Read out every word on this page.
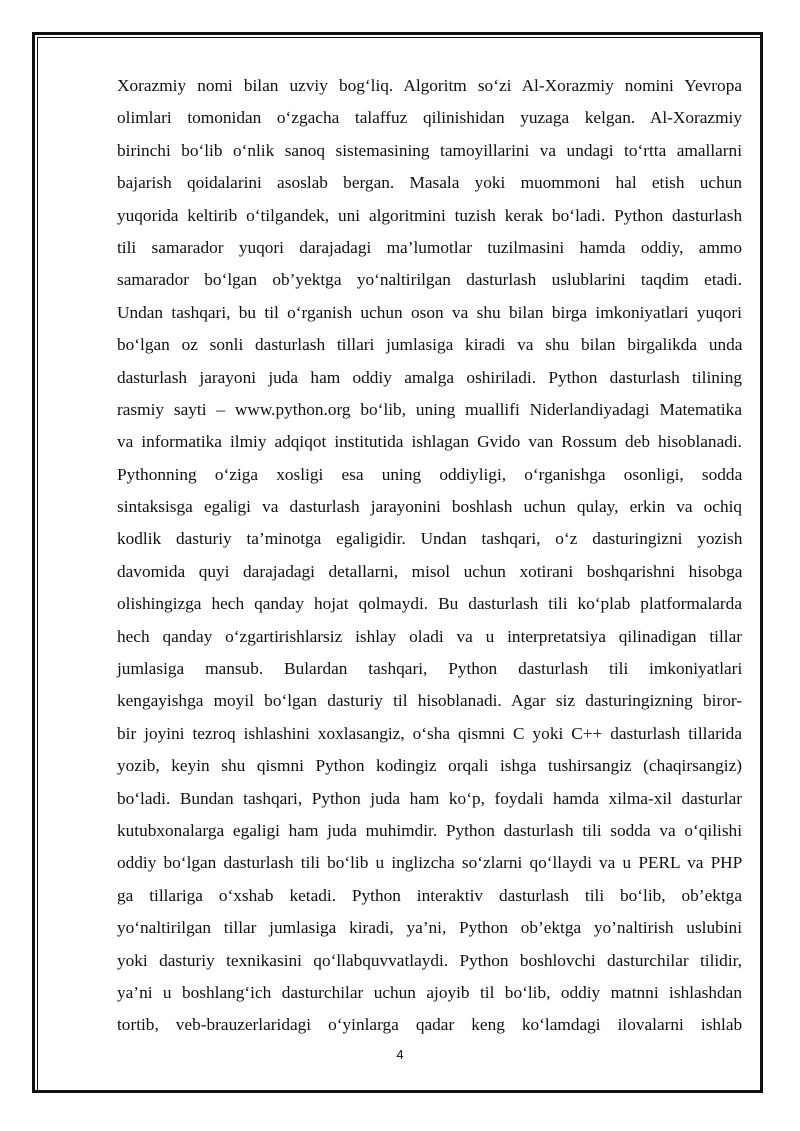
Xorazmiy nomi bilan uzviy bog‘liq. Algoritm so‘zi Al-Xorazmiy nomini Yevropa
olimlari tomonidan o‘zgacha talaffuz qilinishidan yuzaga kelgan. Al-Xorazmiy
birinchi bo‘lib o‘nlik sanoq sistemasining tamoyillarini va undagi to‘rtta amallarni
bajarish qoidalarini asoslab bergan. Masala yoki muommoni hal etish uchun
yuqorida keltirib o‘tilgandek, uni algoritmini tuzish kerak bo‘ladi. Python dasturlash
tili samarador yuqori darajadagi ma’lumotlar tuzilmasini hamda oddiy, ammo
samarador bo‘lgan ob’yektga yo‘naltirilgan dasturlash uslublarini taqdim etadi.
Undan tashqari, bu til o‘rganish uchun oson va shu bilan birga imkoniyatlari yuqori
bo‘lgan oz sonli dasturlash tillari jumlasiga kiradi va shu bilan birgalikda unda
dasturlash jarayoni juda ham oddiy amalga oshiriladi. Python dasturlash tilining
rasmiy sayti – www.python.org bo‘lib, uning muallifi Niderlandiyadagi Matematika
va informatika ilmiy adqiqot institutida ishlagan Gvido van Rossum deb hisoblanadi.
Pythonning o‘ziga xosligi esa uning oddiyligi, o‘rganishga osonligi, sodda
sintaksisga egaligi va dasturlash jarayonini boshlash uchun qulay, erkin va ochiq
kodlik dasturiy ta’minotga egaligidir. Undan tashqari, o‘z dasturingizni yozish
davomida quyi darajadagi detallarni, misol uchun xotirani boshqarishni hisobga
olishingizga hech qanday hojat qolmaydi. Bu dasturlash tili ko‘plab platformalarda
hech qanday o‘zgartirishlarsiz ishlay oladi va u interpretatsiya qilinadigan tillar
jumlasiga mansub. Bulardan tashqari, Python dasturlash tili imkoniyatlari
kengayishga moyil bo‘lgan dasturiy til hisoblanadi. Agar siz dasturingizning biror-
bir joyini tezroq ishlashini xoxlasangiz, o‘sha qismni C yoki C++ dasturlash tillarida
yozib, keyin shu qismni Python kodingiz orqali ishga tushirsangiz (chaqirsangiz)
bo‘ladi. Bundan tashqari, Python juda ham ko‘p, foydali hamda xilma-xil dasturlar
kutubxonalarga egaligi ham juda muhimdir. Python dasturlash tili sodda va o‘qilishi
oddiy bo‘lgan dasturlash tili bo‘lib u inglizcha so‘zlarni qo‘llaydi va u PERL va PHP
ga tillariga o‘xshab ketadi. Python interaktiv dasturlash tili bo‘lib, ob’ektga
yo‘naltirilgan tillar jumlasiga kiradi, ya’ni, Python ob’ektga yo’naltirish uslubini
yoki dasturiy texnikasini qo‘llabquvvatlaydi. Python boshlovchi dasturchilar tilidir,
ya’ni u boshlang‘ich dasturchilar uchun ajoyib til bo‘lib, oddiy matnni ishlashdan
tortib, veb-brauzerlaridagi o‘yinlarga qadar keng ko‘lamdagi ilovalarni ishlab
4
